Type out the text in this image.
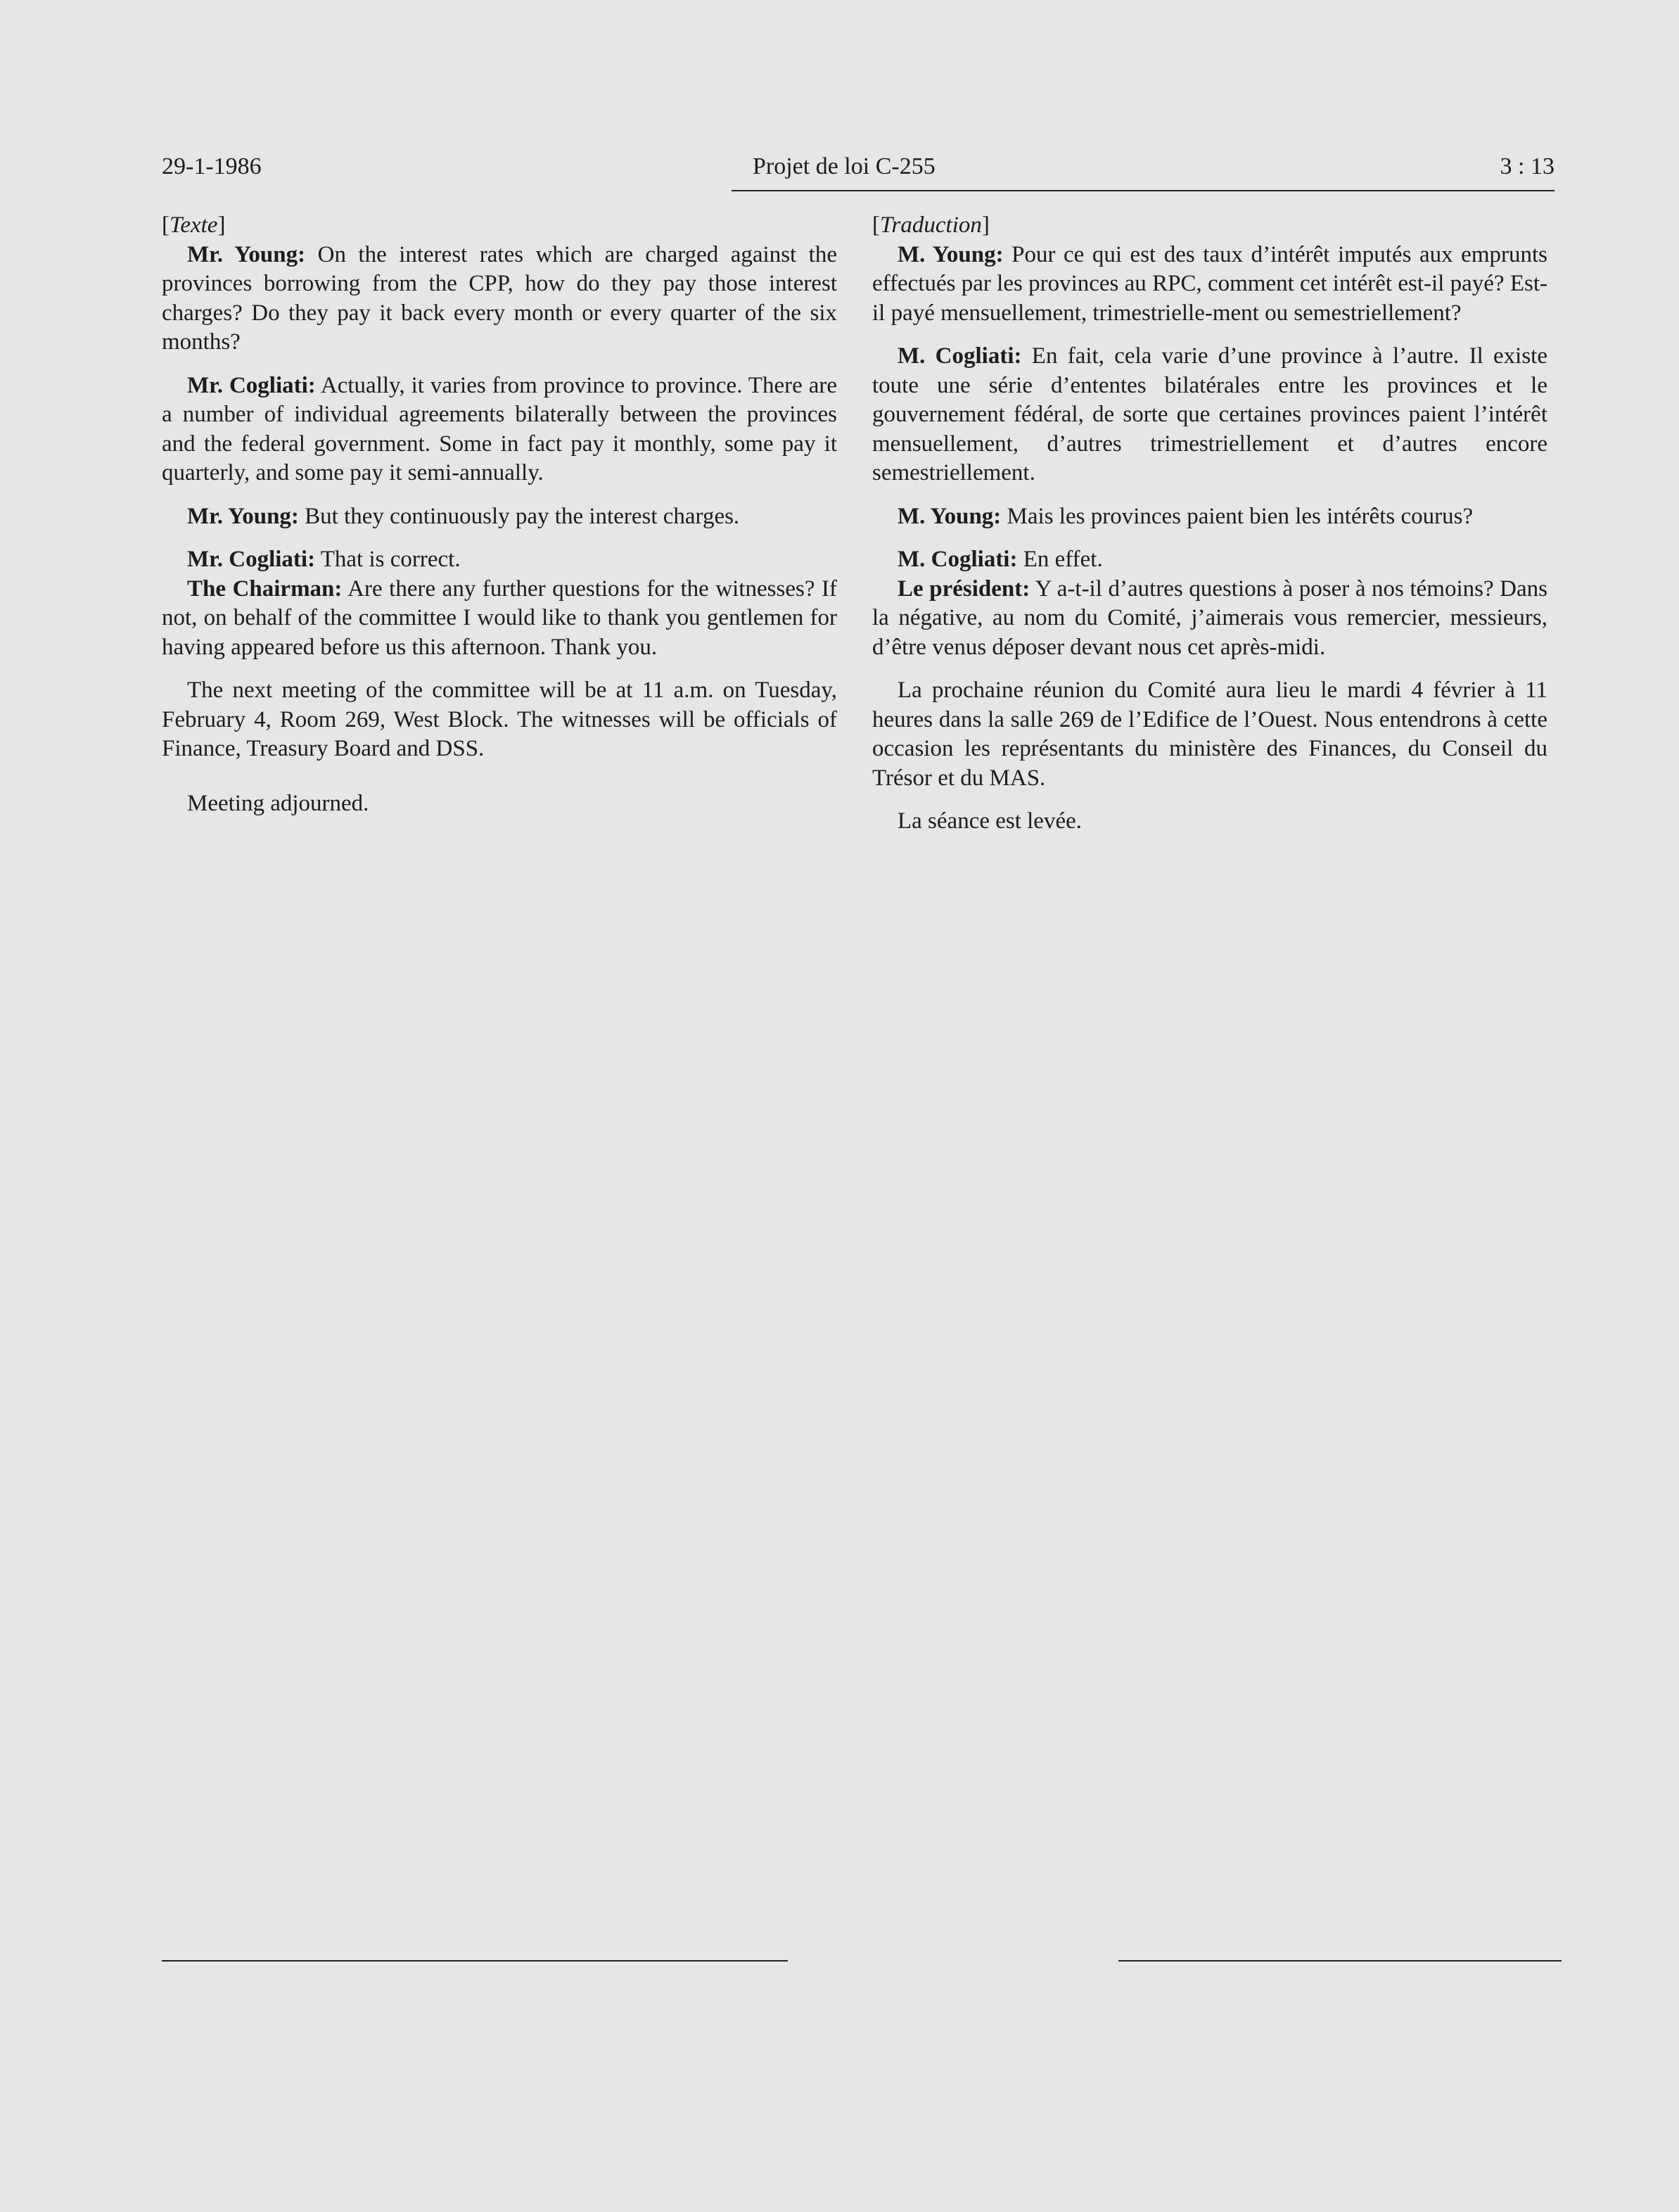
29-1-1986	Projet de loi C-255	3 : 13

[Texte]

Mr. Young: On the interest rates which are charged against the provinces borrowing from the CPP, how do they pay those interest charges? Do they pay it back every month or every quarter of the six months?

Mr. Cogliati: Actually, it varies from province to province. There are a number of individual agreements bilaterally between the provinces and the federal government. Some in fact pay it monthly, some pay it quarterly, and some pay it semi-annually.

Mr. Young: But they continuously pay the interest charges.

Mr. Cogliati: That is correct.

The Chairman: Are there any further questions for the witnesses? If not, on behalf of the committee I would like to thank you gentlemen for having appeared before us this afternoon. Thank you.

The next meeting of the committee will be at 11 a.m. on Tuesday, February 4, Room 269, West Block. The witnesses will be officials of Finance, Treasury Board and DSS.

Meeting adjourned.

[Traduction]

M. Young: Pour ce qui est des taux d’intérêt imputés aux emprunts effectués par les provinces au RPC, comment cet intérêt est-il payé? Est-il payé mensuellement, trimestrielle-ment ou semestriellement?

M. Cogliati: En fait, cela varie d’une province à l’autre. Il existe toute une série d’ententes bilatérales entre les provinces et le gouvernement fédéral, de sorte que certaines provinces paient l’intérêt mensuellement, d’autres trimestriellement et d’autres encore semestriellement.

M. Young: Mais les provinces paient bien les intérêts courus?

M. Cogliati: En effet.

Le président: Y a-t-il d’autres questions à poser à nos témoins? Dans la négative, au nom du Comité, j’aimerais vous remercier, messieurs, d’être venus déposer devant nous cet après-midi.

La prochaine réunion du Comité aura lieu le mardi 4 février à 11 heures dans la salle 269 de l’Edifice de l’Ouest. Nous entendrons à cette occasion les représentants du ministère des Finances, du Conseil du Trésor et du MAS.

La séance est levée.
